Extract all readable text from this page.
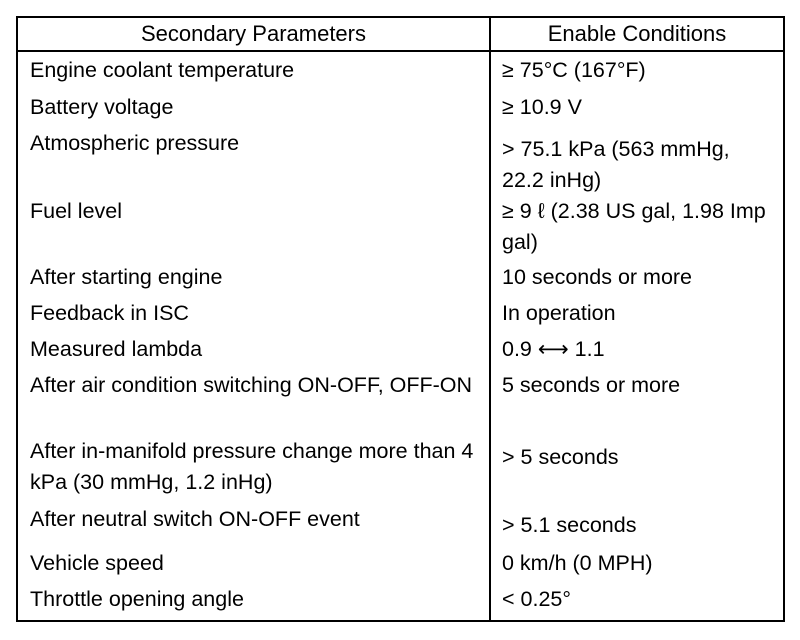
Secondary Parameters	Enable Conditions
Engine coolant temperature	≥ 75°C (167°F)
Battery voltage	≥ 10.9 V
Atmospheric pressure	> 75.1 kPa (563 mmHg, 22.2 inHg)
Fuel level	≥ 9 ℓ (2.38 US gal, 1.98 Imp gal)
After starting engine	10 seconds or more
Feedback in ISC	In operation
Measured lambda	0.9 ⟷ 1.1
After air condition switching ON-OFF, OFF-ON	5 seconds or more
After in-manifold pressure change more than 4 kPa (30 mmHg, 1.2 inHg)	> 5 seconds
After neutral switch ON-OFF event	> 5.1 seconds
Vehicle speed	0 km/h (0 MPH)
Throttle opening angle	< 0.25°
